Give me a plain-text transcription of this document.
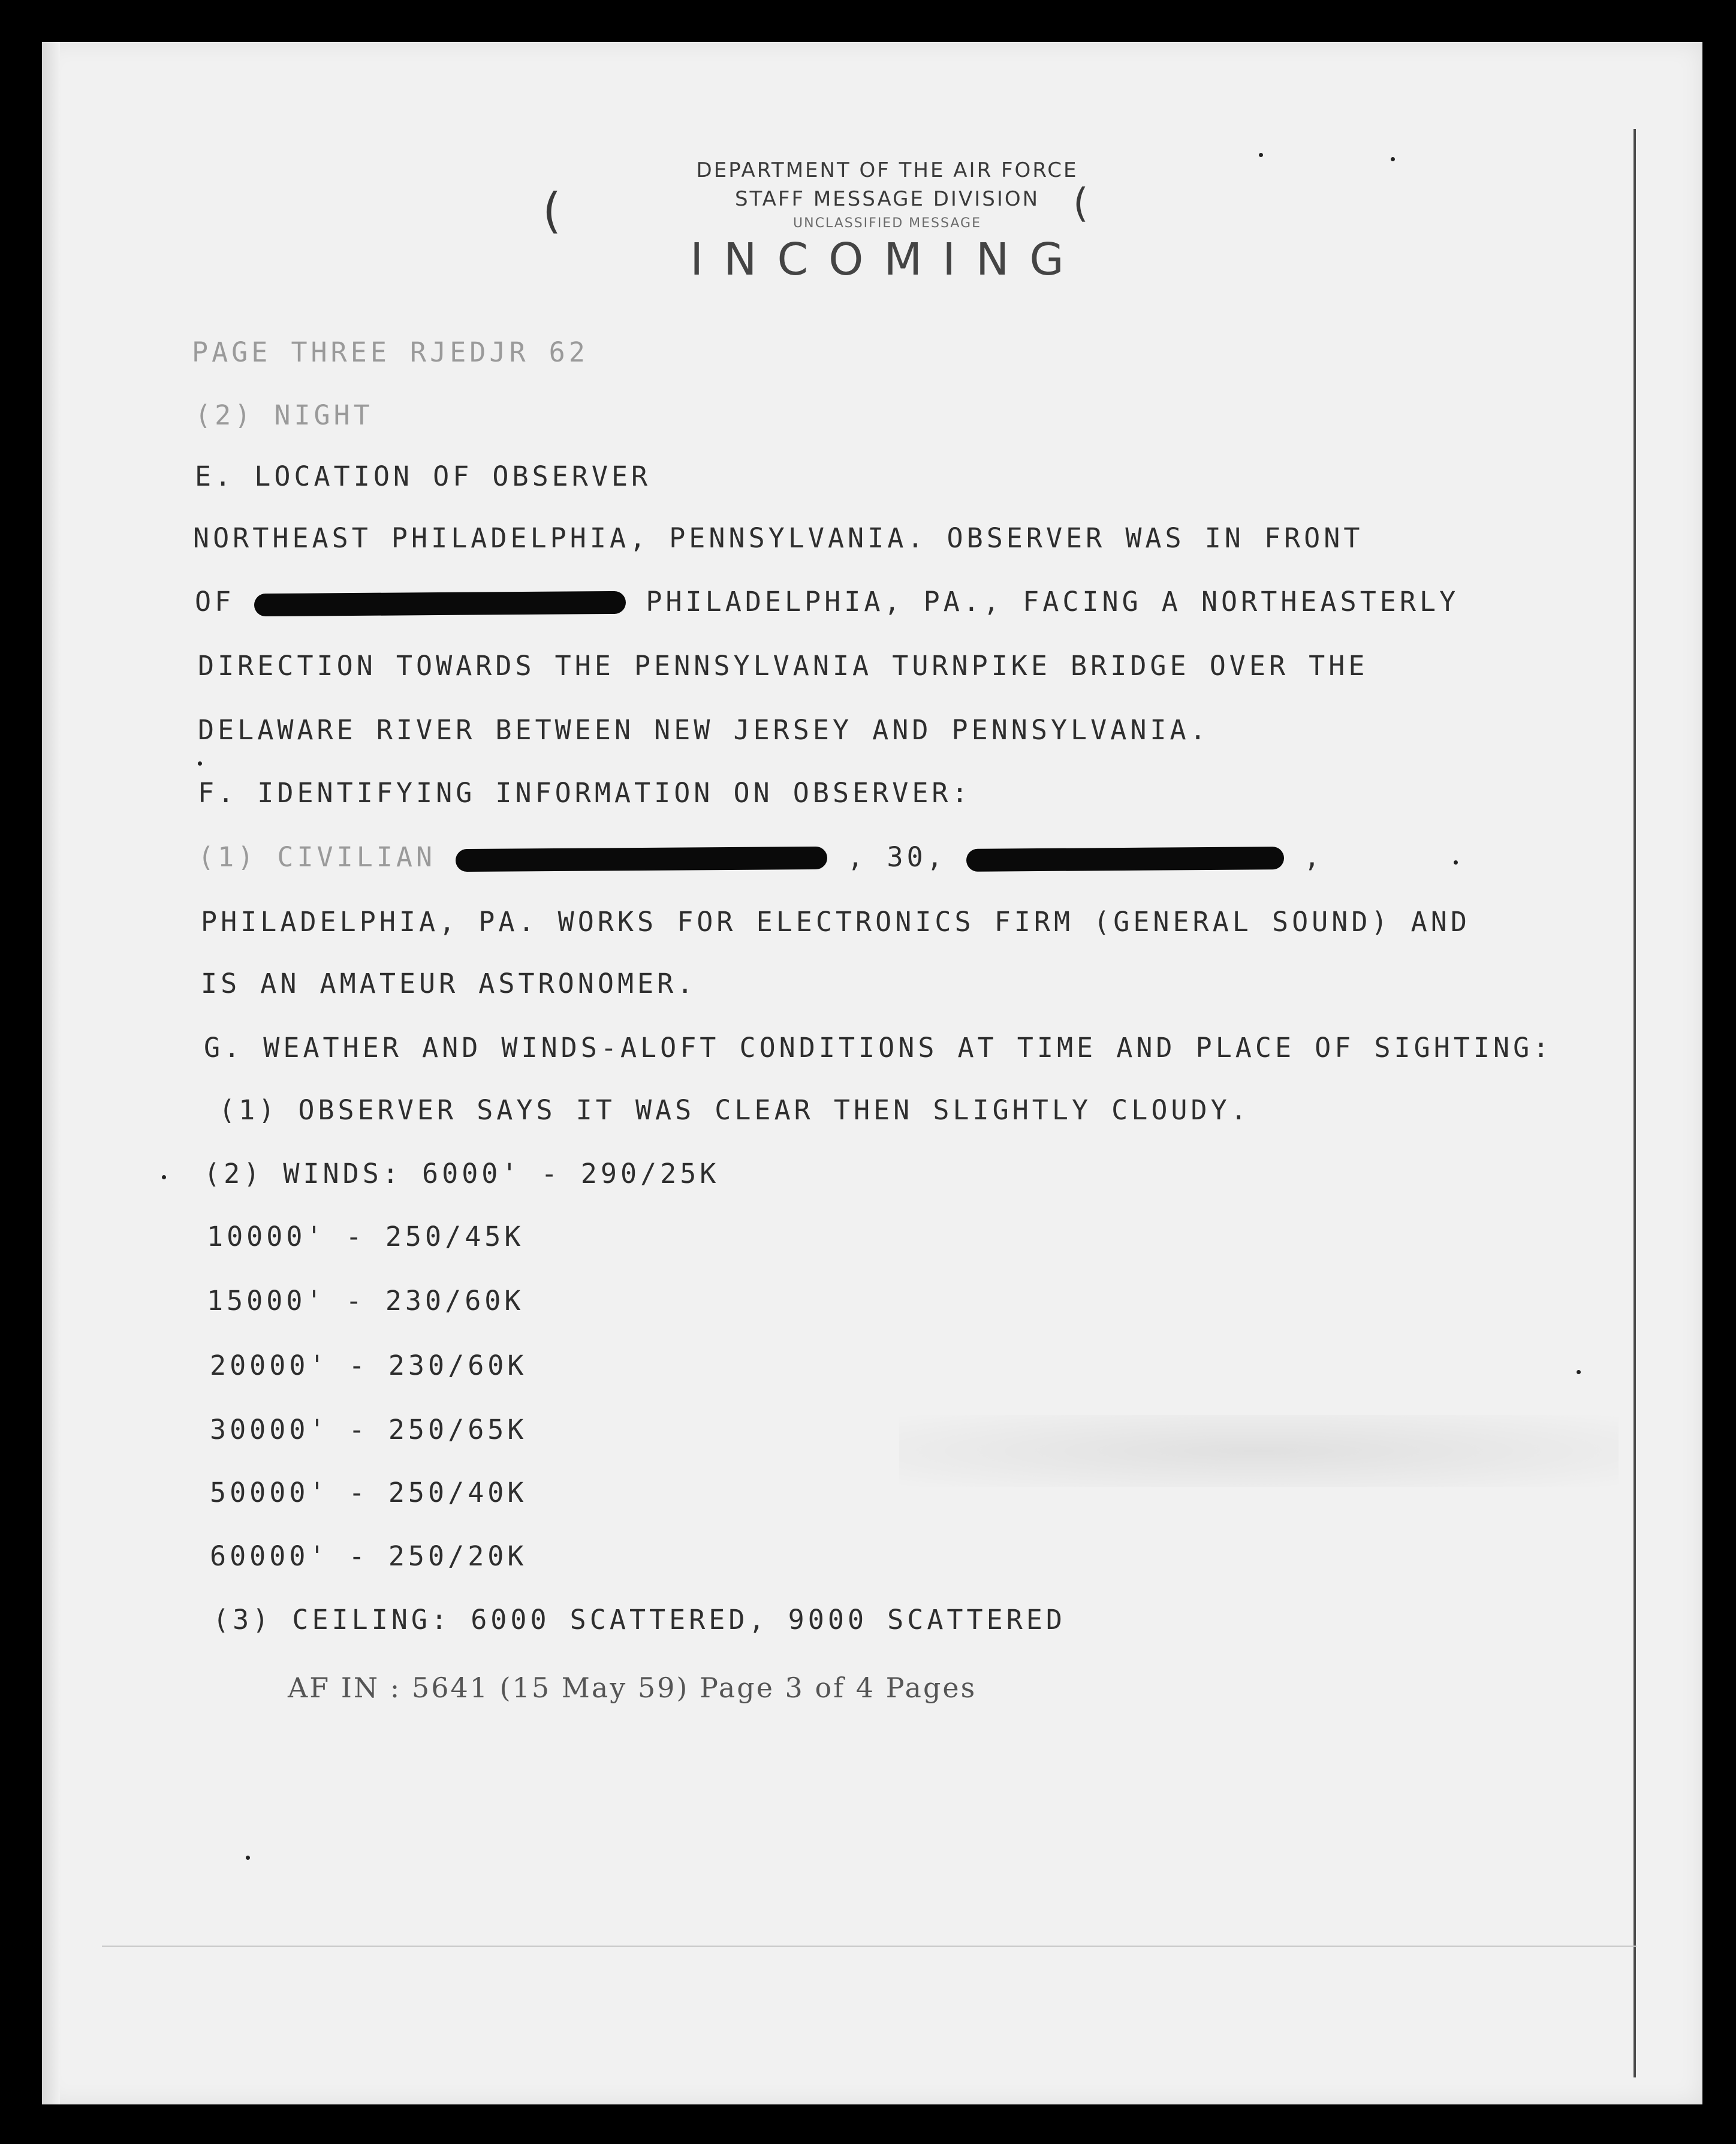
(	(
DEPARTMENT OF THE AIR FORCE
STAFF MESSAGE DIVISION
UNCLASSIFIED MESSAGE
INCOMING
PAGE THREE RJEDJR 62
(2) NIGHT
E. LOCATION OF OBSERVER
NORTHEAST PHILADELPHIA, PENNSYLVANIA. OBSERVER WAS IN FRONT
OF	PHILADELPHIA, PA., FACING A NORTHEASTERLY
DIRECTION TOWARDS THE PENNSYLVANIA TURNPIKE BRIDGE OVER THE
DELAWARE RIVER BETWEEN NEW JERSEY AND PENNSYLVANIA.
F. IDENTIFYING INFORMATION ON OBSERVER:
(1) CIVILIAN	, 30,	,
PHILADELPHIA, PA. WORKS FOR ELECTRONICS FIRM (GENERAL SOUND) AND
IS AN AMATEUR ASTRONOMER.
G. WEATHER AND WINDS-ALOFT CONDITIONS AT TIME AND PLACE OF SIGHTING:
(1) OBSERVER SAYS IT WAS CLEAR THEN SLIGHTLY CLOUDY.
(2) WINDS: 6000' - 290/25K
10000' - 250/45K
15000' - 230/60K
20000' - 230/60K
30000' - 250/65K
50000' - 250/40K
60000' - 250/20K
(3) CEILING: 6000 SCATTERED, 9000 SCATTERED
AF IN : 5641 (15 May 59) Page 3 of 4 Pages
